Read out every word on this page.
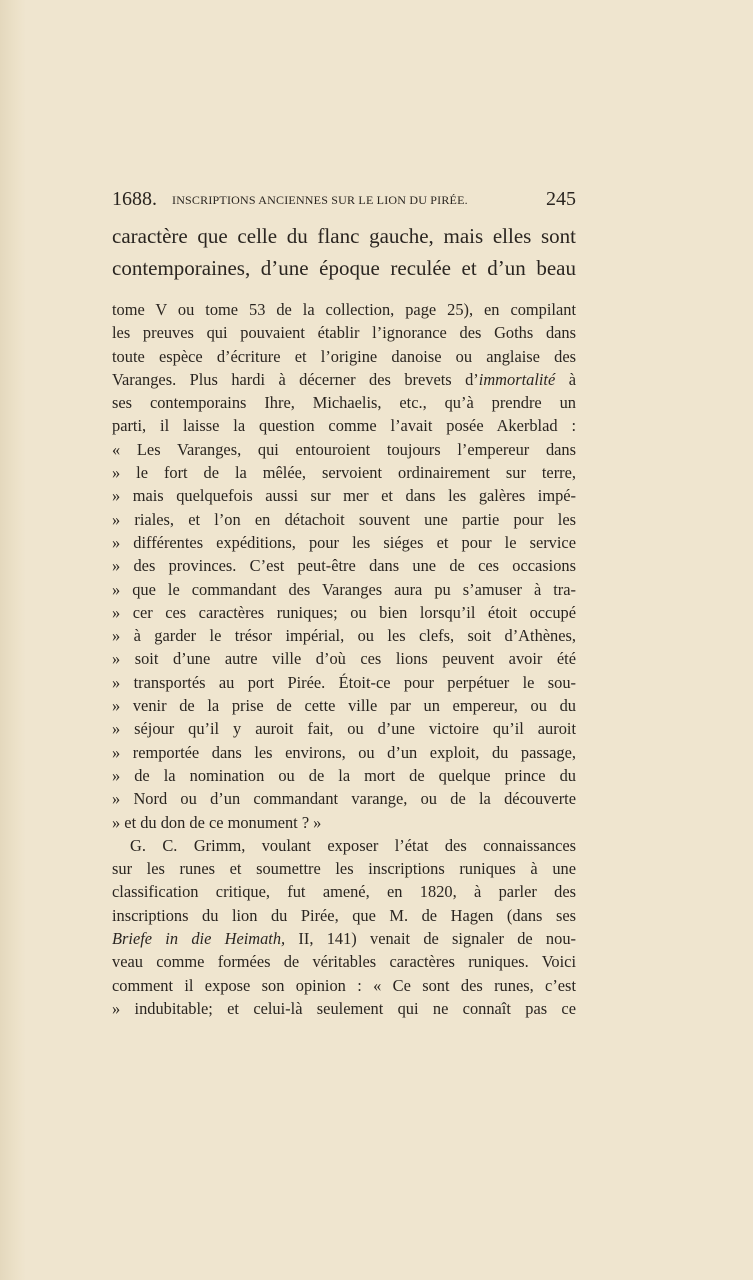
1688. INSCRIPTIONS ANCIENNES SUR LE LION DU PIRÉE.	245
caractère que celle du flanc gauche, mais elles sont
contemporaines, d’une époque reculée et d’un beau
tome V ou tome 53 de la collection, page 25), en compilant
les preuves qui pouvaient établir l’ignorance des Goths dans
toute espèce d’écriture et l’origine danoise ou anglaise des
Varanges. Plus hardi à décerner des brevets d’immortalité à
ses contemporains Ihre, Michaelis, etc., qu’à prendre un
parti, il laisse la question comme l’avait posée Akerblad :
« Les Varanges, qui entouroient toujours l’empereur dans
» le fort de la mêlée, servoient ordinairement sur terre,
» mais quelquefois aussi sur mer et dans les galères impé-
» riales, et l’on en détachoit souvent une partie pour les
» différentes expéditions, pour les siéges et pour le service
» des provinces. C’est peut-être dans une de ces occasions
» que le commandant des Varanges aura pu s’amuser à tra-
» cer ces caractères runiques; ou bien lorsqu’il étoit occupé
» à garder le trésor impérial, ou les clefs, soit d’Athènes,
» soit d’une autre ville d’où ces lions peuvent avoir été
» transportés au port Pirée. Étoit-ce pour perpétuer le sou-
» venir de la prise de cette ville par un empereur, ou du
» séjour qu’il y auroit fait, ou d’une victoire qu’il auroit
» remportée dans les environs, ou d’un exploit, du passage,
» de la nomination ou de la mort de quelque prince du
» Nord ou d’un commandant varange, ou de la découverte
» et du don de ce monument ? »
G. C. Grimm, voulant exposer l’état des connaissances
sur les runes et soumettre les inscriptions runiques à une
classification critique, fut amené, en 1820, à parler des
inscriptions du lion du Pirée, que M. de Hagen (dans ses
Briefe in die Heimath, II, 141) venait de signaler de nou-
veau comme formées de véritables caractères runiques. Voici
comment il expose son opinion : « Ce sont des runes, c’est
» indubitable; et celui-là seulement qui ne connaît pas ce
